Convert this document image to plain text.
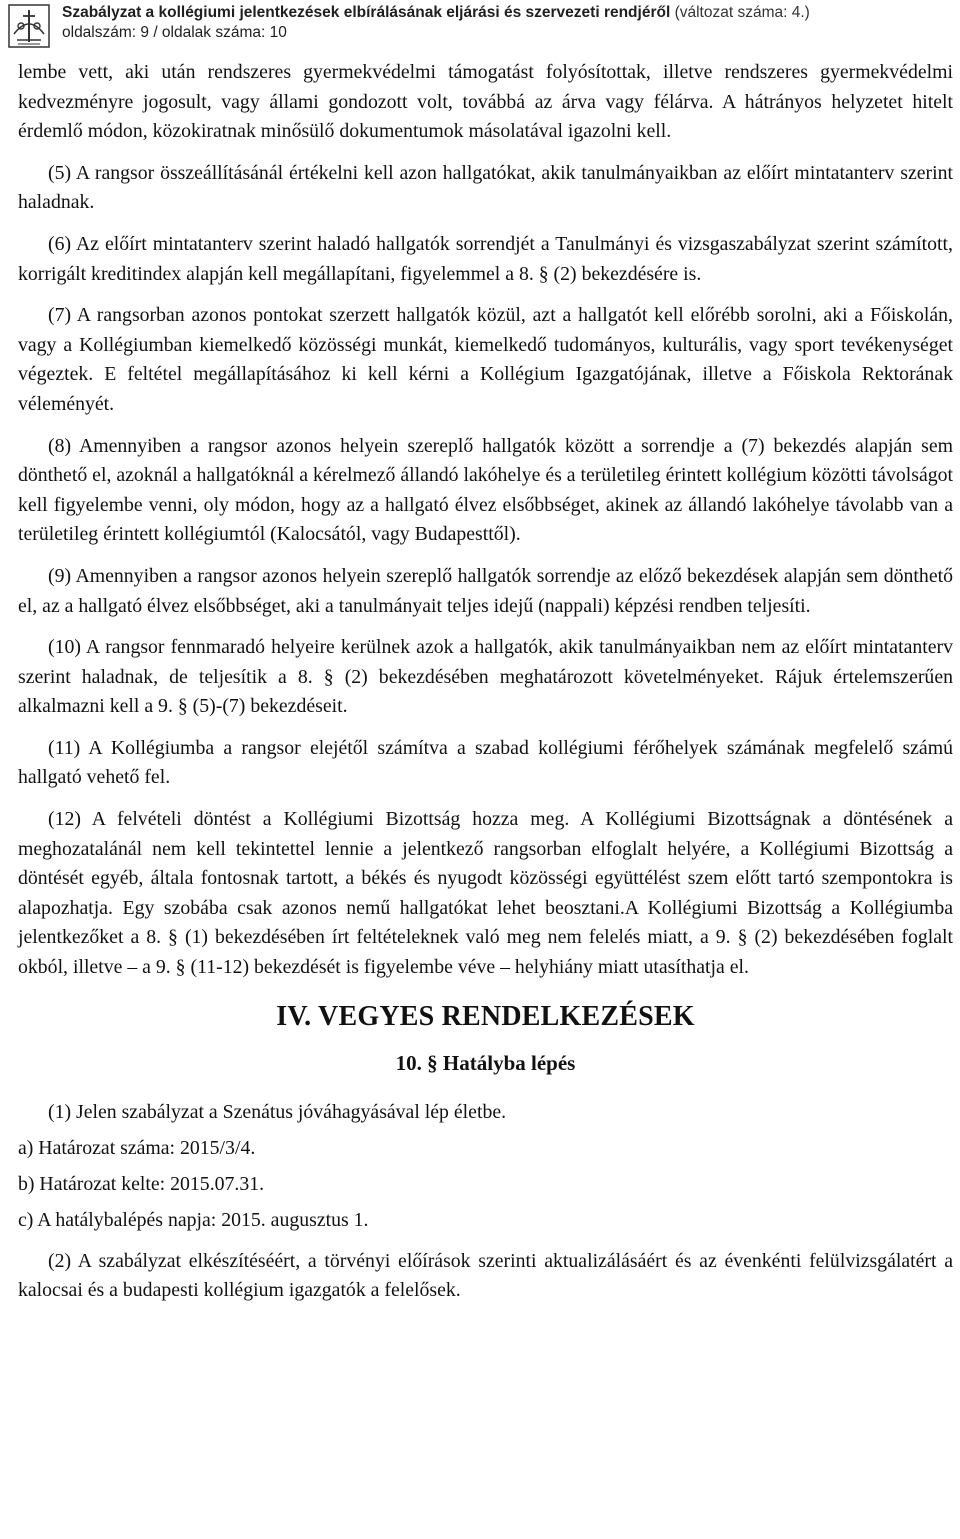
Szabályzat a kollégiumi jelentkezések elbírálásának eljárási és szervezeti rendjéről (változat száma: 4.)
oldalszám: 9 / oldalak száma: 10

lembe vett, aki után rendszeres gyermekvédelmi támogatást folyósítottak, illetve rendszeres gyermekvédelmi kedvezményre jogosult, vagy állami gondozott volt, továbbá az árva vagy félárva. A hátrányos helyzetet hitelt érdemlő módon, közokiratnak minősülő dokumentumok másolatával igazolni kell.

(5) A rangsor összeállításánál értékelni kell azon hallgatókat, akik tanulmányaikban az előírt mintatanterv szerint haladnak.

(6) Az előírt mintatanterv szerint haladó hallgatók sorrendjét a Tanulmányi és vizsgaszabályzat szerint számított, korrigált kreditindex alapján kell megállapítani, figyelemmel a 8. § (2) bekezdésére is.

(7) A rangsorban azonos pontokat szerzett hallgatók közül, azt a hallgatót kell előrébb sorolni, aki a Főiskolán, vagy a Kollégiumban kiemelkedő közösségi munkát, kiemelkedő tudományos, kulturális, vagy sport tevékenységet végeztek. E feltétel megállapításához ki kell kérni a Kollégium Igazgatójának, illetve a Főiskola Rektorának véleményét.

(8) Amennyiben a rangsor azonos helyein szereplő hallgatók között a sorrendje a (7) bekezdés alapján sem dönthető el, azoknál a hallgatóknál a kérelmező állandó lakóhelye és a területileg érintett kollégium közötti távolságot kell figyelembe venni, oly módon, hogy az a hallgató élvez elsőbbséget, akinek az állandó lakóhelye távolabb van a területileg érintett kollégiumtól (Kalocsától, vagy Budapesttől).

(9) Amennyiben a rangsor azonos helyein szereplő hallgatók sorrendje az előző bekezdések alapján sem dönthető el, az a hallgató élvez elsőbbséget, aki a tanulmányait teljes idejű (nappali) képzési rendben teljesíti.

(10) A rangsor fennmaradó helyeire kerülnek azok a hallgatók, akik tanulmányaikban nem az előírt mintatanterv szerint haladnak, de teljesítik a 8. § (2) bekezdésében meghatározott követelményeket. Rájuk értelemszerűen alkalmazni kell a 9. § (5)-(7) bekezdéseit.

(11) A Kollégiumba a rangsor elejétől számítva a szabad kollégiumi férőhelyek számának megfelelő számú hallgató vehető fel.

(12) A felvételi döntést a Kollégiumi Bizottság hozza meg. A Kollégiumi Bizottságnak a döntésének a meghozatalánál nem kell tekintettel lennie a jelentkező rangsorban elfoglalt helyére, a Kollégiumi Bizottság a döntését egyéb, általa fontosnak tartott, a békés és nyugodt közösségi együttélést szem előtt tartó szempontokra is alapozhatja. Egy szobába csak azonos nemű hallgatókat lehet beosztani.A Kollégiumi Bizottság a Kollégiumba jelentkezőket a 8. § (1) bekezdésében írt feltételeknek való meg nem felelés miatt, a 9. § (2) bekezdésében foglalt okból, illetve – a 9. § (11-12) bekezdését is figyelembe véve – helyhiány miatt utasíthatja el.

IV. VEGYES RENDELKEZÉSEK
10. § Hatályba lépés
(1) Jelen szabályzat a Szenátus jóváhagyásával lép életbe.
a) Határozat száma: 2015/3/4.
b) Határozat kelte: 2015.07.31.
c) A hatálybalépés napja: 2015. augusztus 1.

(2) A szabályzat elkészítéséért, a törvényi előírások szerinti aktualizálásáért és az évenkénti felülvizsgálatért a kalocsai és a budapesti kollégium igazgatók a felelősek.
